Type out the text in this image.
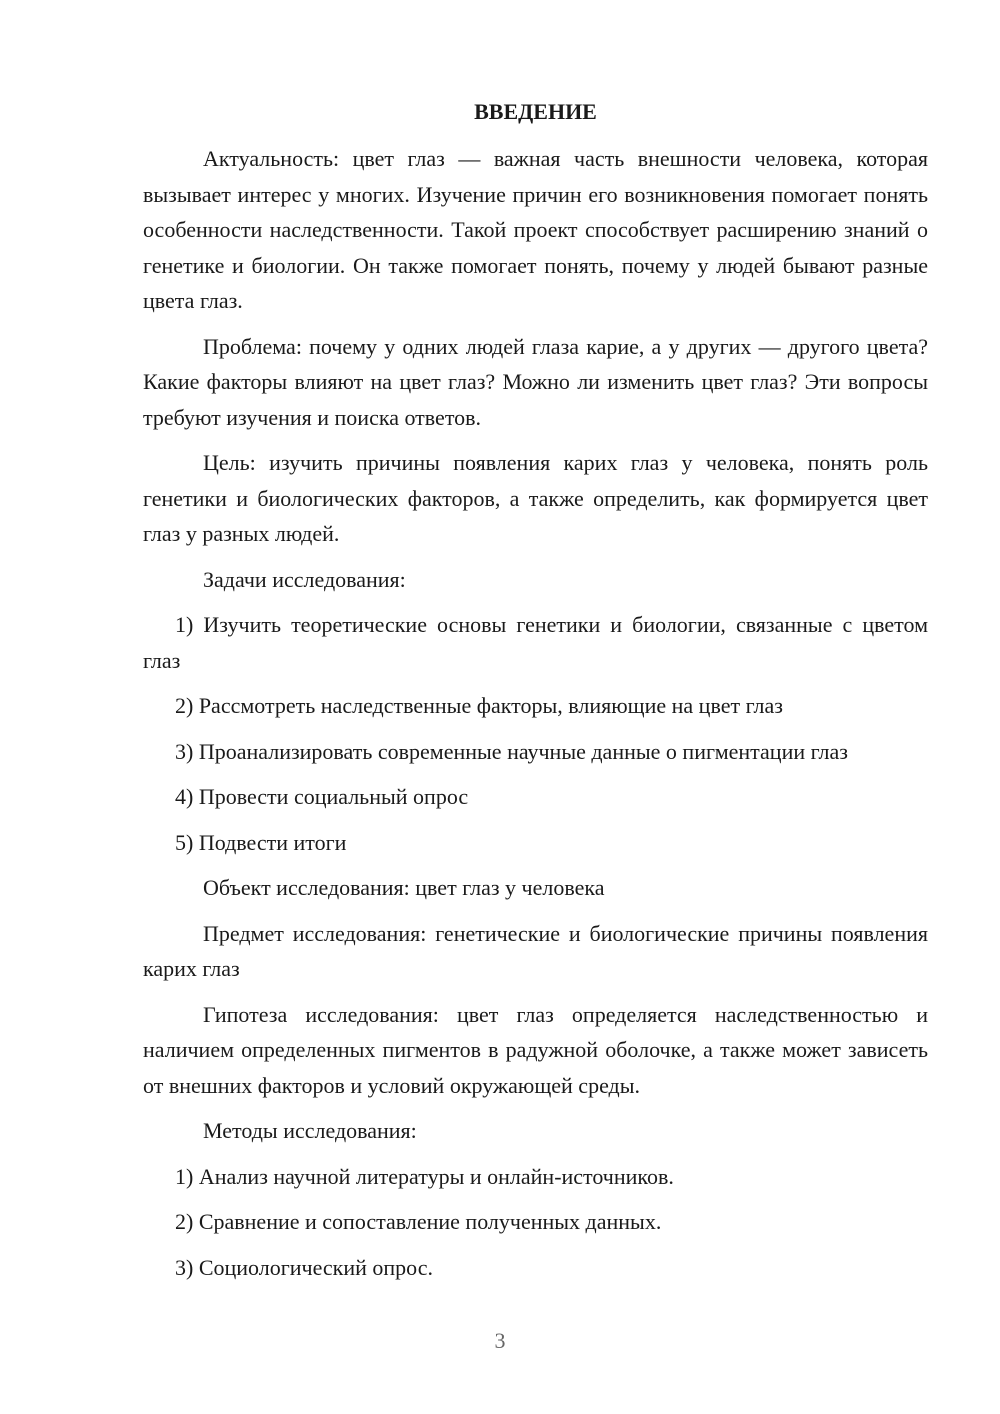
ВВЕДЕНИЕ

Актуальность: цвет глаз — важная часть внешности человека, которая вызывает интерес у многих. Изучение причин его возникновения помогает понять особенности наследственности. Такой проект способствует расширению знаний о генетике и биологии. Он также помогает понять, почему у людей бывают разные цвета глаз.

Проблема: почему у одних людей глаза карие, а у других — другого цвета? Какие факторы влияют на цвет глаз? Можно ли изменить цвет глаз? Эти вопросы требуют изучения и поиска ответов.

Цель: изучить причины появления карих глаз у человека, понять роль генетики и биологических факторов, а также определить, как формируется цвет глаз у разных людей.

Задачи исследования:

1) Изучить теоретические основы генетики и биологии, связанные с цветом глаз

2) Рассмотреть наследственные факторы, влияющие на цвет глаз

3) Проанализировать современные научные данные о пигментации глаз

4) Провести социальный опрос

5) Подвести итоги

Объект исследования: цвет глаз у человека

Предмет исследования: генетические и биологические причины появления карих глаз

Гипотеза исследования: цвет глаз определяется наследственностью и наличием определенных пигментов в радужной оболочке, а также может зависеть от внешних факторов и условий окружающей среды.

Методы исследования:

1) Анализ научной литературы и онлайн-источников.

2) Сравнение и сопоставление полученных данных.

3) Социологический опрос.

3
